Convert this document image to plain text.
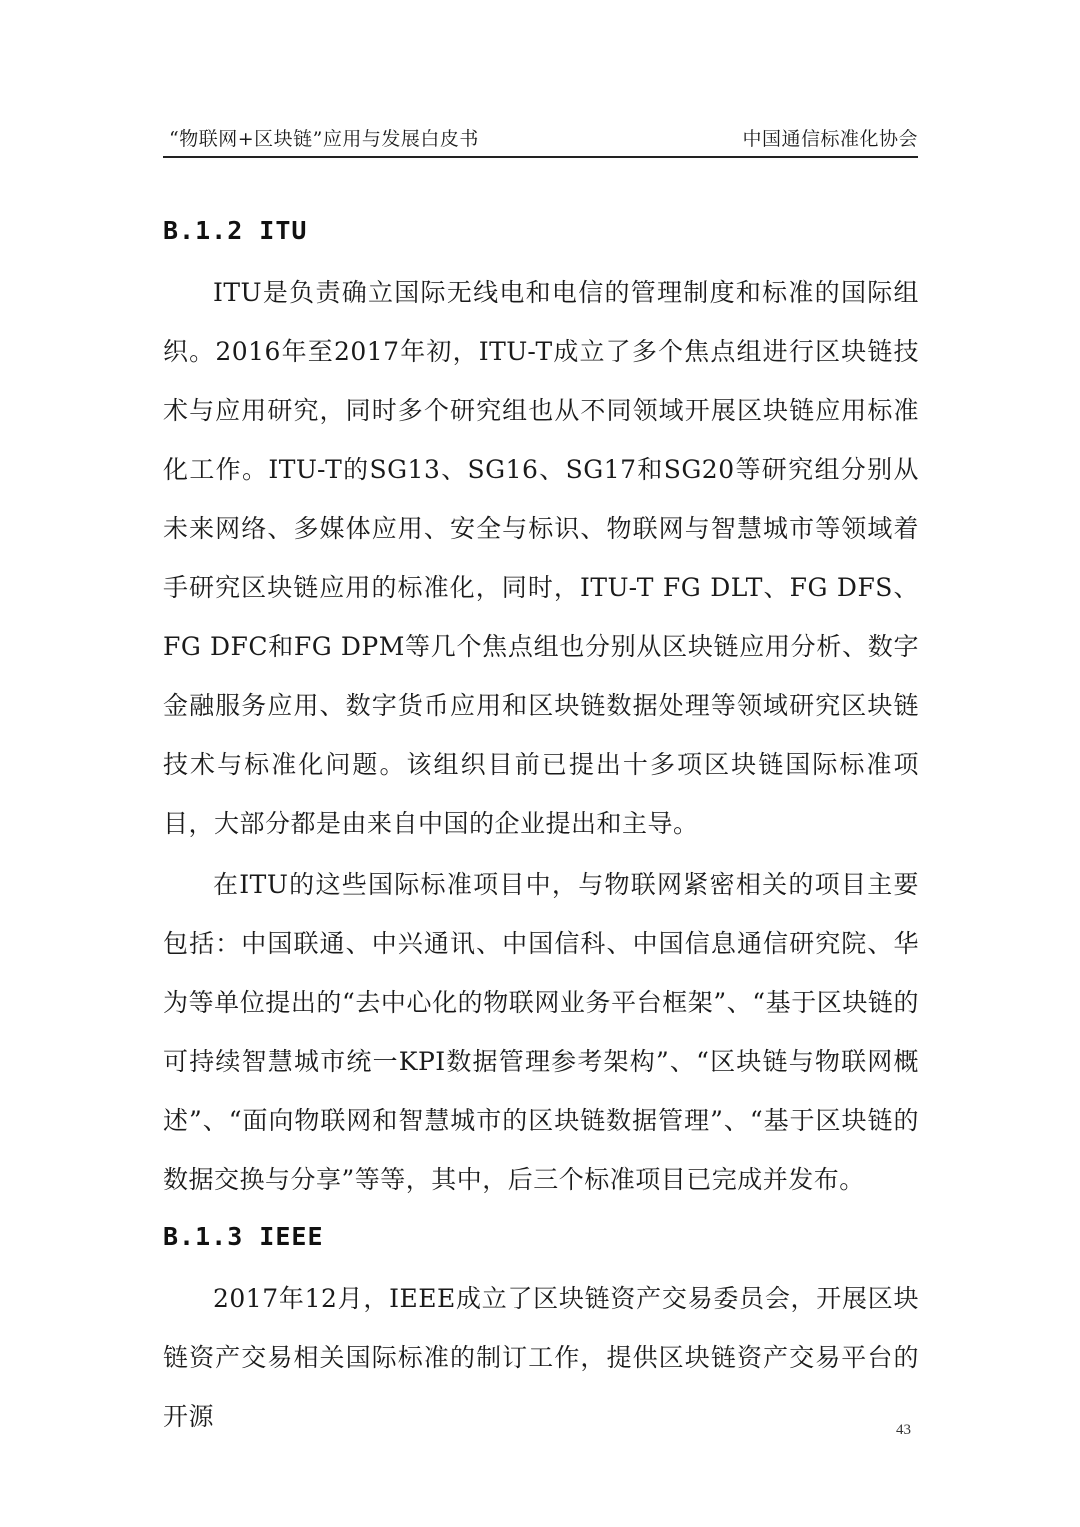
“物联网+区块链”应用与发展白皮书	中国通信标准化协会
B.1.2 ITU

ITU是负责确立国际无线电和电信的管理制度和标准的国际组织。2016年至2017年初，ITU-T成立了多个焦点组进行区块链技术与应用研究，同时多个研究组也从不同领域开展区块链应用标准化工作。ITU-T的SG13、SG16、SG17和SG20等研究组分别从未来网络、多媒体应用、安全与标识、物联网与智慧城市等领域着手研究区块链应用的标准化，同时，ITU-T FG DLT、FG DFS、FG DFC和FG DPM等几个焦点组也分别从区块链应用分析、数字金融服务应用、数字货币应用和区块链数据处理等领域研究区块链技术与标准化问题。该组织目前已提出十多项区块链国际标准项目，大部分都是由来自中国的企业提出和主导。

在ITU的这些国际标准项目中，与物联网紧密相关的项目主要包括：中国联通、中兴通讯、中国信科、中国信息通信研究院、华为等单位提出的“去中心化的物联网业务平台框架”、“基于区块链的可持续智慧城市统一KPI数据管理参考架构”、“区块链与物联网概述”、“面向物联网和智慧城市的区块链数据管理”、“基于区块链的数据交换与分享”等等，其中，后三个标准项目已完成并发布。

B.1.3 IEEE

2017年12月，IEEE成立了区块链资产交易委员会，开展区块链资产交易相关国际标准的制订工作，提供区块链资产交易平台的开源	43
